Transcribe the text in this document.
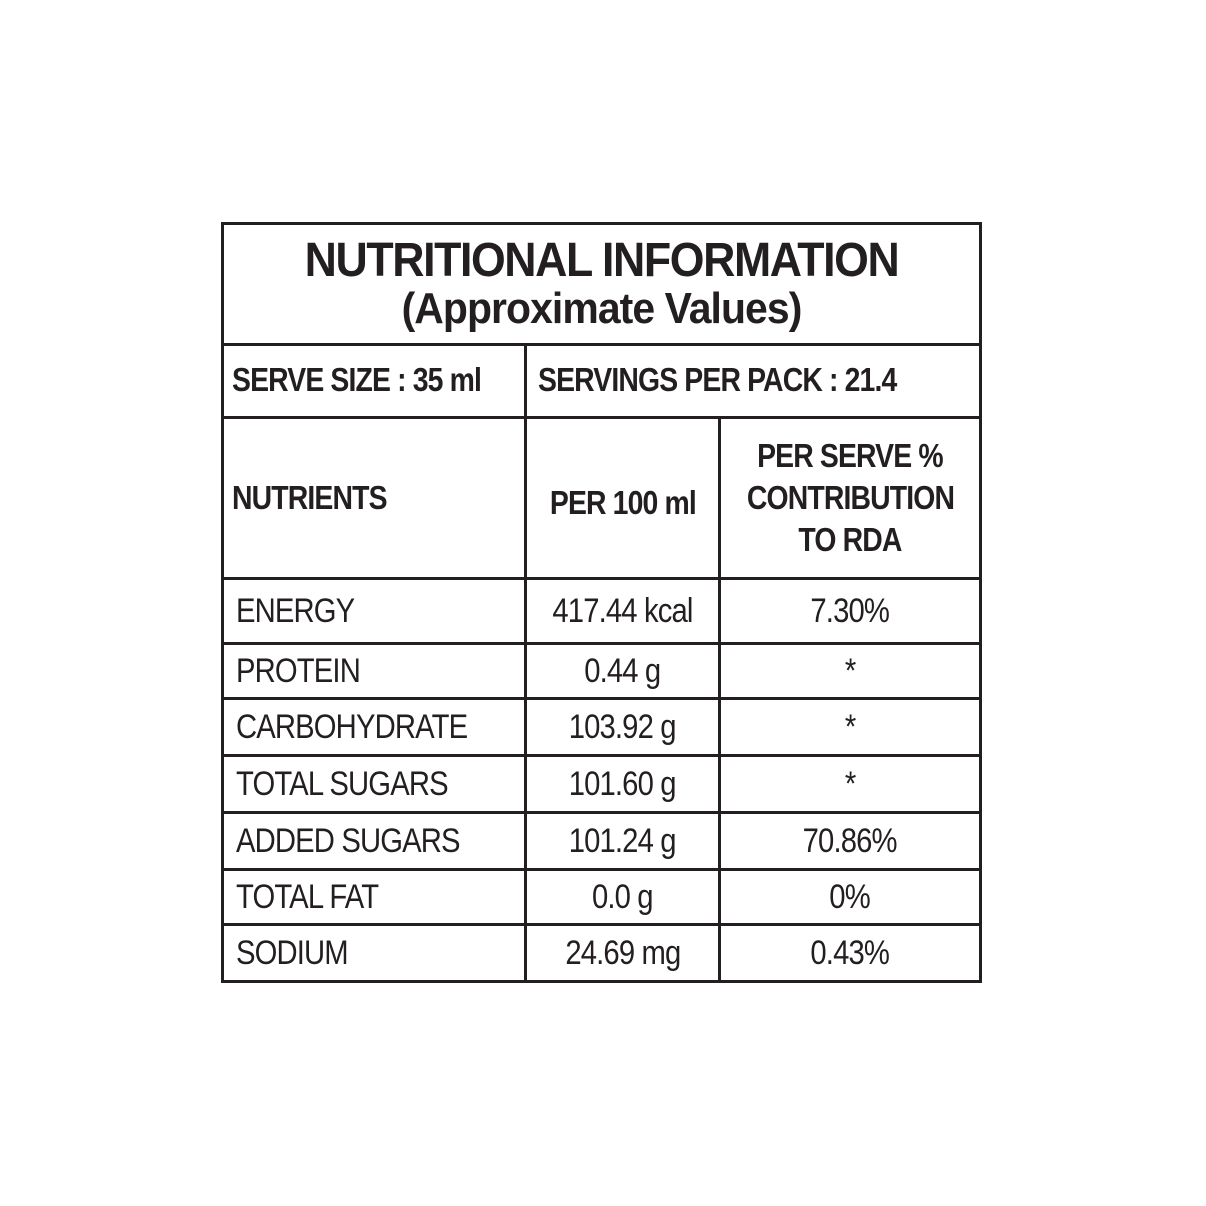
NUTRITIONAL INFORMATION
(Approximate Values)
SERVE SIZE : 35 ml SERVINGS PER PACK : 21.4
NUTRIENTS	PER 100 ml
PER SERVE %
CONTRIBUTION
TO RDA
ENERGY	417.44 kcal	7.30%
PROTEIN	0.44 g	*
CARBOHYDRATE	103.92 g	*
TOTAL SUGARS	101.60 g	*
ADDED SUGARS	101.24 g	70.86%
TOTAL FAT	0.0 g	0%
SODIUM	24.69 mg	0.43%
